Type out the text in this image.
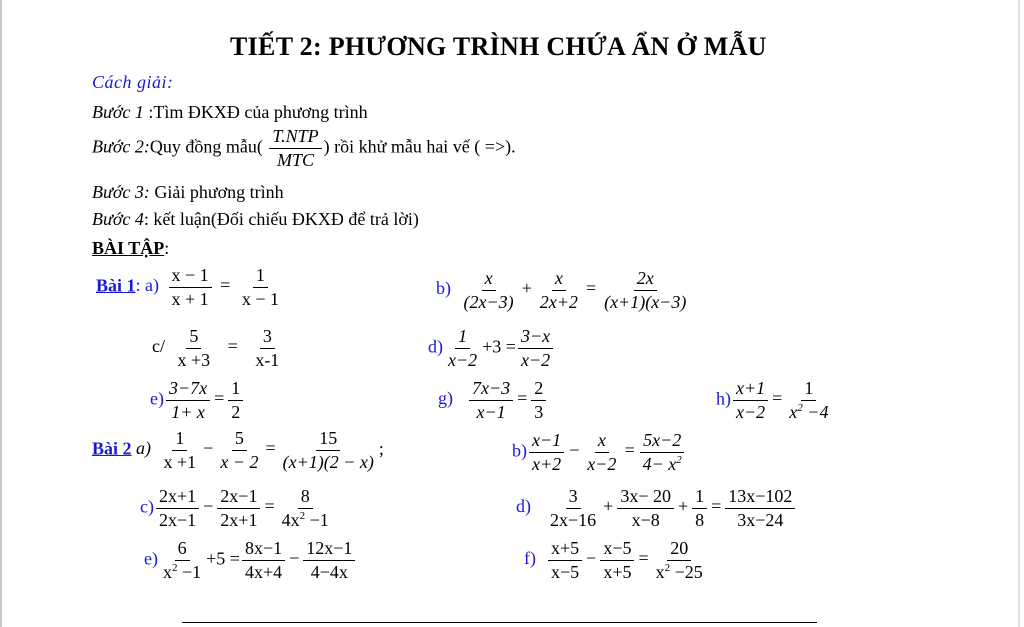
TIẾT 2: PHƯƠNG TRÌNH CHỨA ẨN Ở MẪU
Cách giải:
Bước 1 :Tìm ĐKXĐ của phương trình
Bước 2:Quy đồng mẫu( $\frac{\text{T.NTP}}{\text{MTC}}$ ) rồi khử mẫu hai vế ( =>).
Bước 3: Giải phương trình
Bước 4: kết luận(Đối chiếu ĐKXĐ để trả lời)
BÀI TẬP:
Bài 1: $a) \frac{x - 1}{x + 1} = \frac{1}{x - 1}$	$b) \frac{x}{(2x-3)} + \frac{x}{2x+2} = \frac{2x}{(x+1)(x-3)}$
$c/ \frac{5}{x +3} = \frac{3}{x-1}$	$d) \frac{1}{x-2} +3 = \frac{3-x}{x-2}$
$e) \frac{3-7x}{1+ x} = \frac{1}{2}$	$g) \frac{7x-3}{x-1} = \frac{2}{3}$	$h) \frac{x+1}{x-2} = \frac{1}{x^2 -4}$
Bài 2 $a) \frac{1}{x +1} - \frac{5}{x - 2} = \frac{15}{(x+1)(2 - x)}$ ;	$b) \frac{x-1}{x+2} - \frac{x}{x-2} = \frac{5x-2}{4- x^2}$
$c) \frac{2x+1}{2x-1} - \frac{2x-1}{2x+1} = \frac{8}{4x^2 -1}$	$d) \frac{3}{2x-16} + \frac{3x- 20}{x-8} + \frac{1}{8} = \frac{13x-102}{3x-24}$
$e) \frac{6}{x^2 -1} +5 = \frac{8x-1}{4x+4} - \frac{12x-1}{4-4x}$	$f) \frac{x+5}{x-5} - \frac{x-5}{x+5} = \frac{20}{x^2 -25}$
